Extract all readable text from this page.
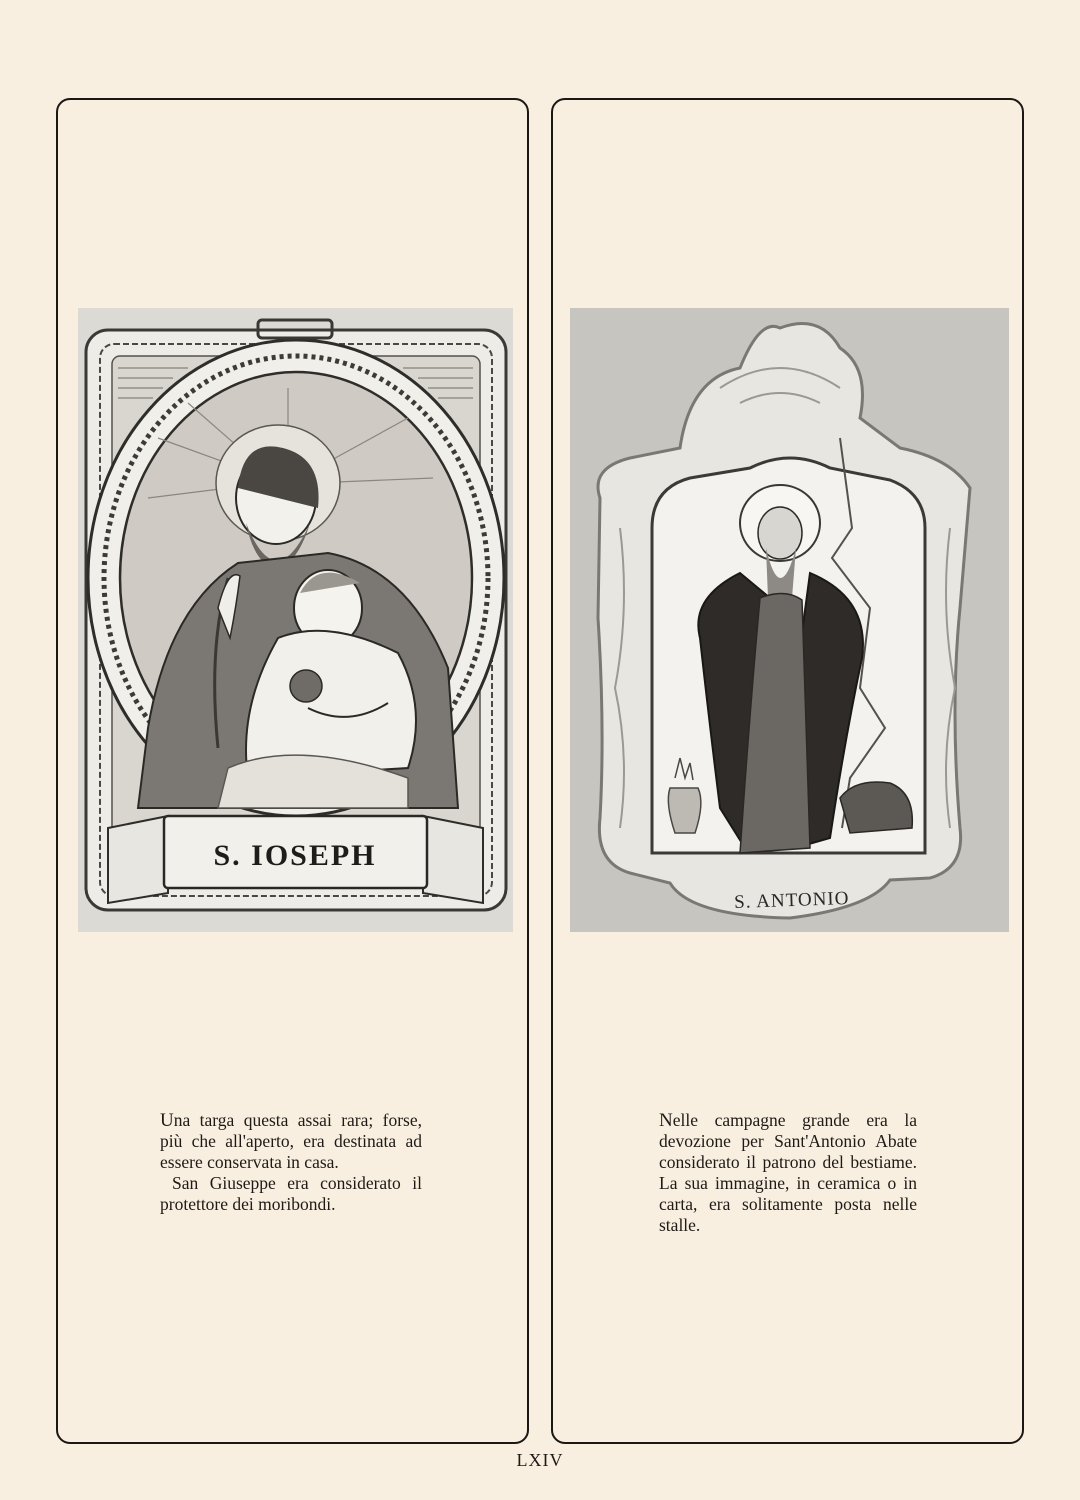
S. IOSEPH

Una targa questa assai rara; forse, più che all'aperto, era destinata ad essere conservata in casa.

San Giuseppe era considerato il protettore dei moribondi.

S. ANTONIO

Nelle campagne grande era la devozione per Sant'Antonio Abate considerato il patrono del bestiame. La sua immagine, in ceramica o in carta, era solitamente posta nelle stalle.

LXIV
